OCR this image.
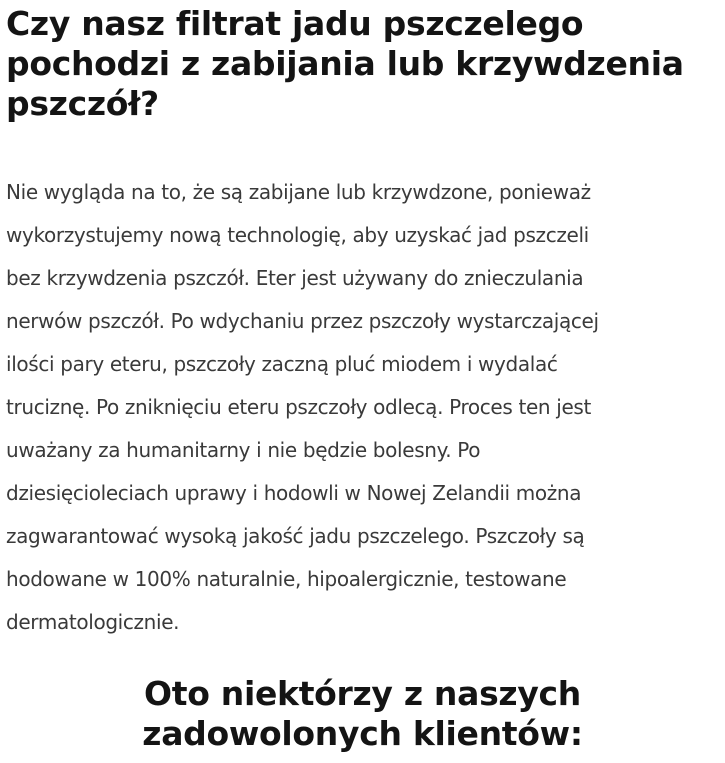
Czy nasz filtrat jadu pszczelego
pochodzi z zabijania lub krzywdzenia
pszczół?

Nie wygląda na to, że są zabijane lub krzywdzone, ponieważ
wykorzystujemy nową technologię, aby uzyskać jad pszczeli
bez krzywdzenia pszczół. Eter jest używany do znieczulania
nerwów pszczół. Po wdychaniu przez pszczoły wystarczającej
ilości pary eteru, pszczoły zaczną pluć miodem i wydalać
truciznę. Po zniknięciu eteru pszczoły odlecą. Proces ten jest
uważany za humanitarny i nie będzie bolesny. Po
dziesięcioleciach uprawy i hodowli w Nowej Zelandii można
zagwarantować wysoką jakość jadu pszczelego. Pszczoły są
hodowane w 100% naturalnie, hipoalergicznie, testowane
dermatologicznie.

Oto niektórzy z naszych
zadowolonych klientów:
